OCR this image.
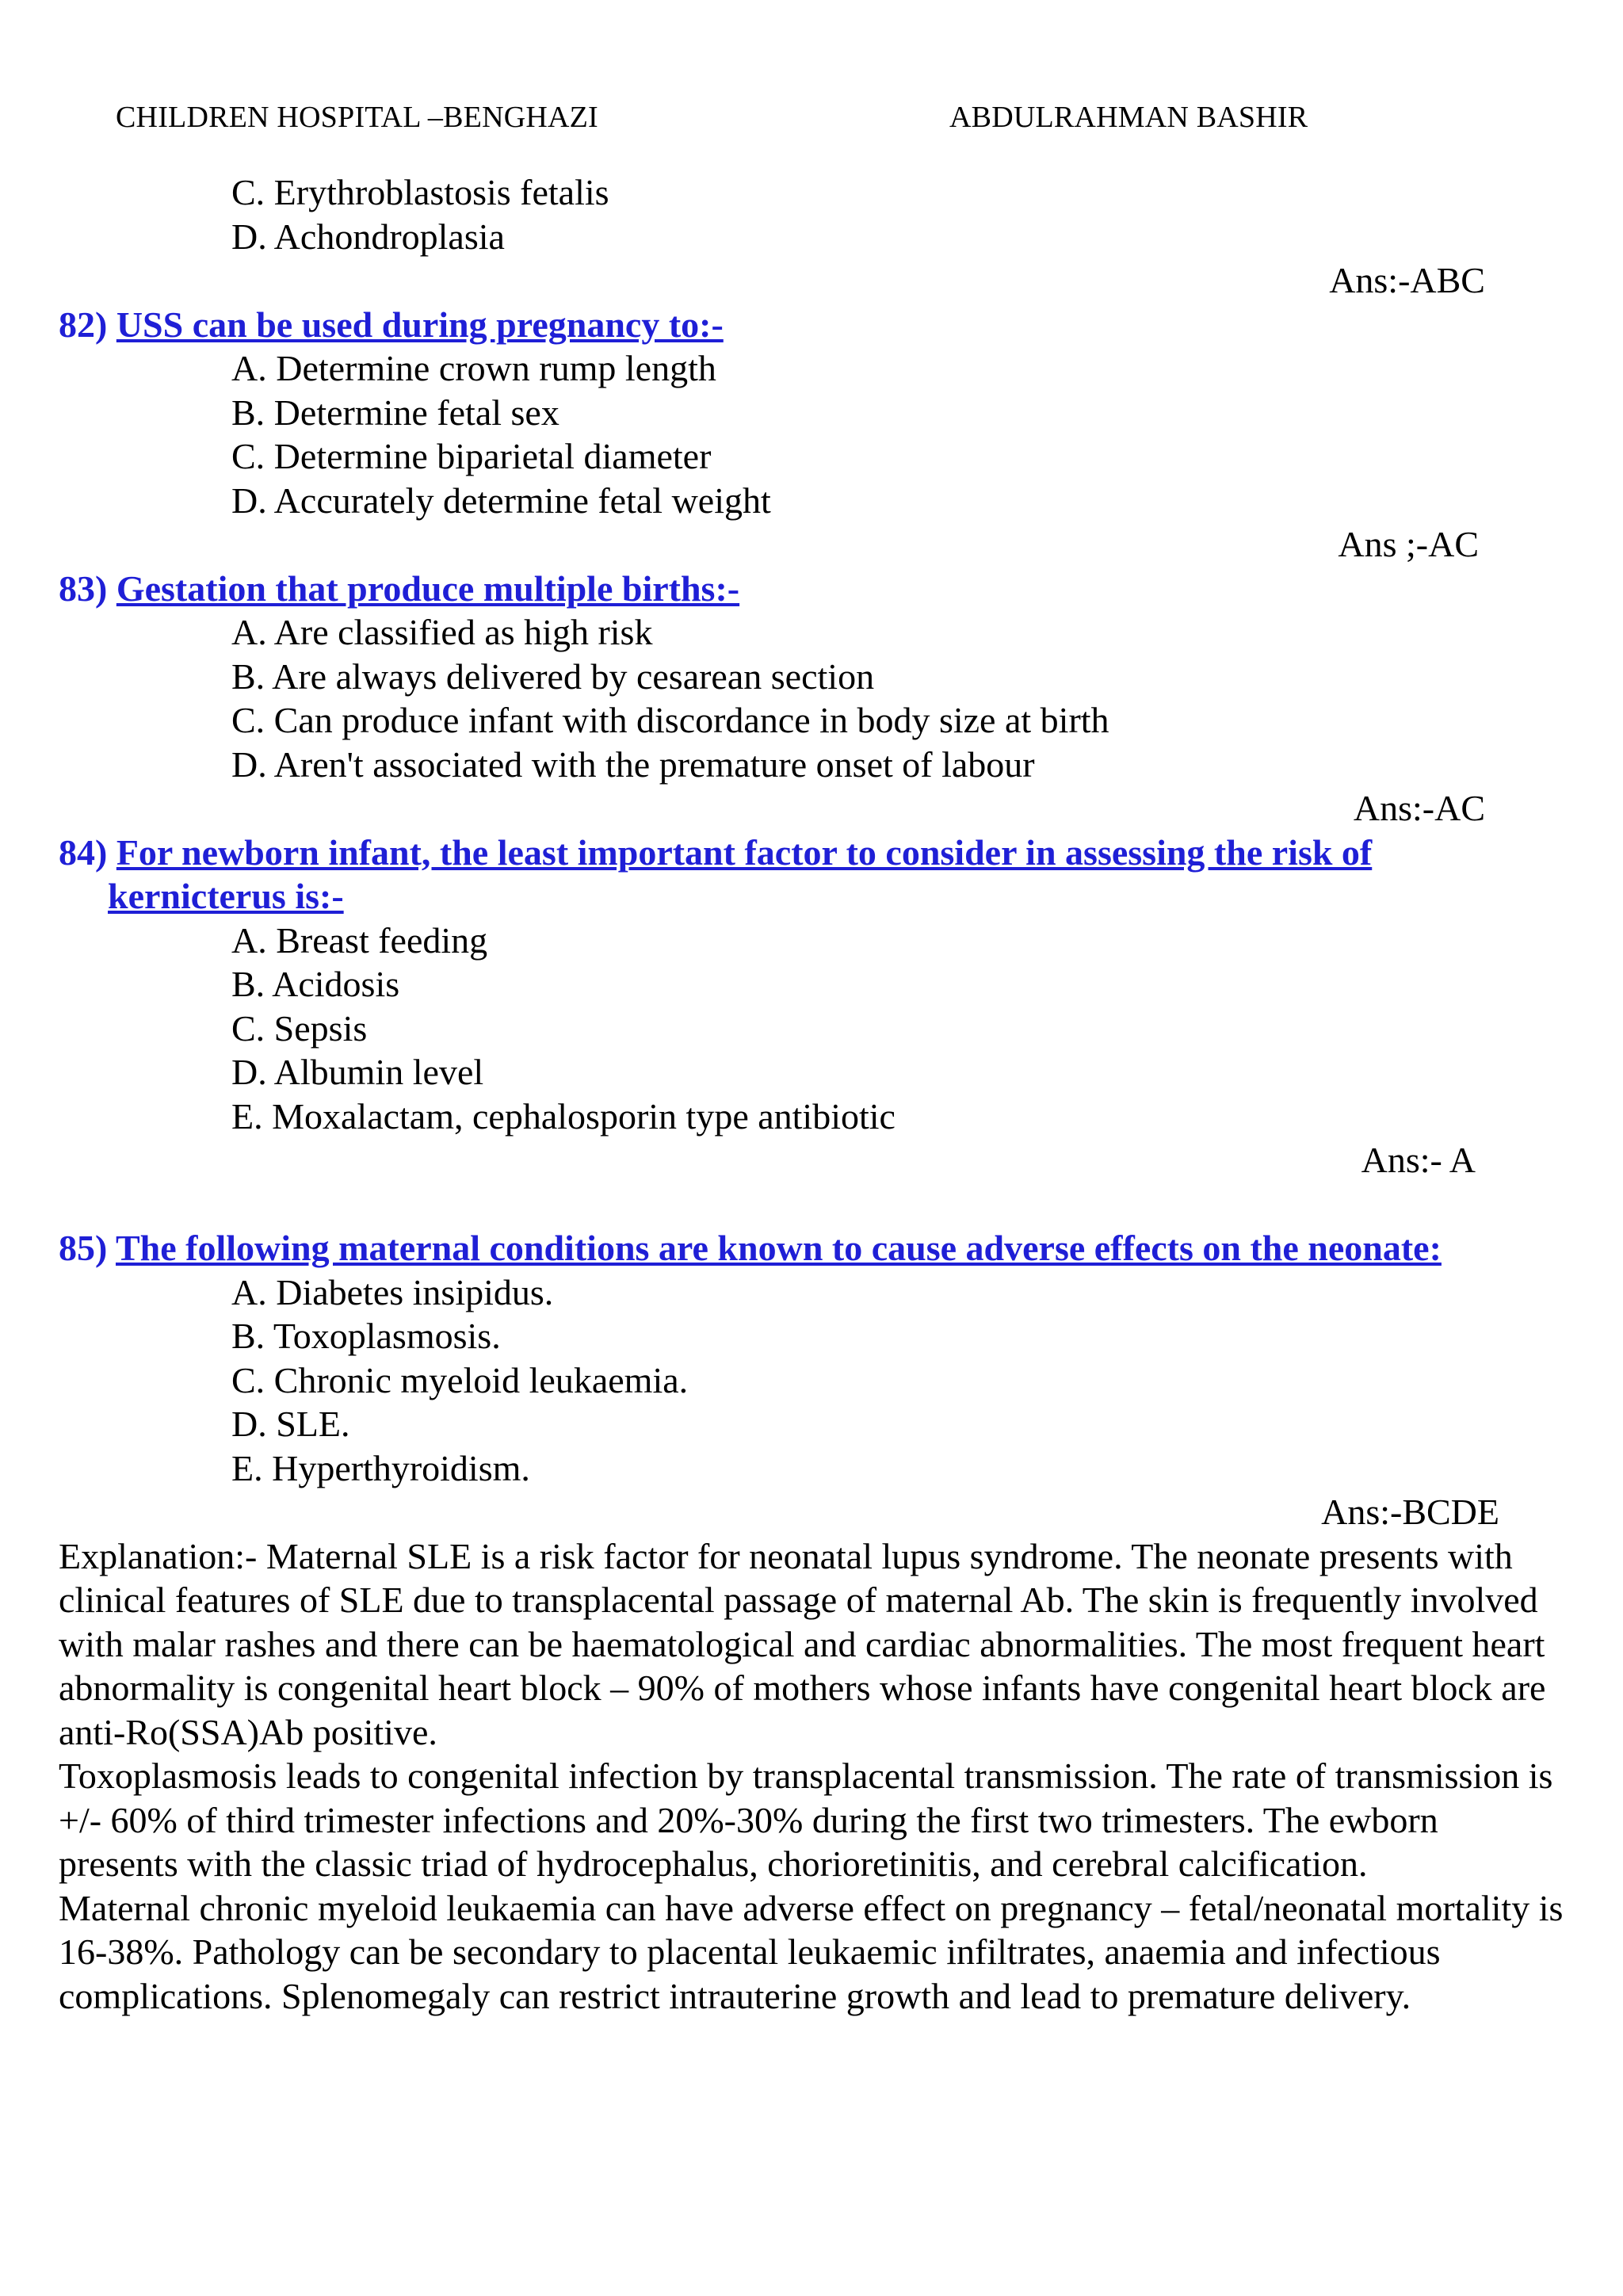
CHILDREN HOSPITAL –BENGHAZI	ABDULRAHMAN BASHIR
C. Erythroblastosis fetalis
D. Achondroplasia
Ans:-ABC
82) USS can be used during pregnancy to:-
A. Determine crown rump length
B. Determine fetal sex
C. Determine biparietal diameter
D. Accurately determine fetal weight
Ans ;-AC
83) Gestation that produce multiple births:-
A. Are classified as high risk
B. Are always delivered by cesarean section
C. Can produce infant with discordance in body size at birth
D. Aren't associated with the premature onset of labour
Ans:-AC
84) For newborn infant, the least important factor to consider in assessing the risk of
kernicterus is:-
A. Breast feeding
B. Acidosis
C. Sepsis
D. Albumin level
E. Moxalactam, cephalosporin type antibiotic
Ans:- A
85) The following maternal conditions are known to cause adverse effects on the neonate:
A. Diabetes insipidus.
B. Toxoplasmosis.
C. Chronic myeloid leukaemia.
D. SLE.
E. Hyperthyroidism.
Ans:-BCDE

Explanation:- Maternal SLE is a risk factor for neonatal lupus syndrome. The neonate presents with clinical features of SLE due to transplacental passage of maternal Ab. The skin is frequently involved with malar rashes and there can be haematological and cardiac abnormalities. The most frequent heart abnormality is congenital heart block – 90% of mothers whose infants have congenital heart block are anti-Ro(SSA)Ab positive.

Toxoplasmosis leads to congenital infection by transplacental transmission. The rate of transmission is +/- 60% of third trimester infections and 20%-30% during the first two trimesters. The ewborn presents with the classic triad of hydrocephalus, chorioretinitis, and cerebral calcification.

Maternal chronic myeloid leukaemia can have adverse effect on pregnancy – fetal/neonatal mortality is 16-38%. Pathology can be secondary to placental leukaemic infiltrates, anaemia and infectious complications. Splenomegaly can restrict intrauterine growth and lead to premature delivery.
